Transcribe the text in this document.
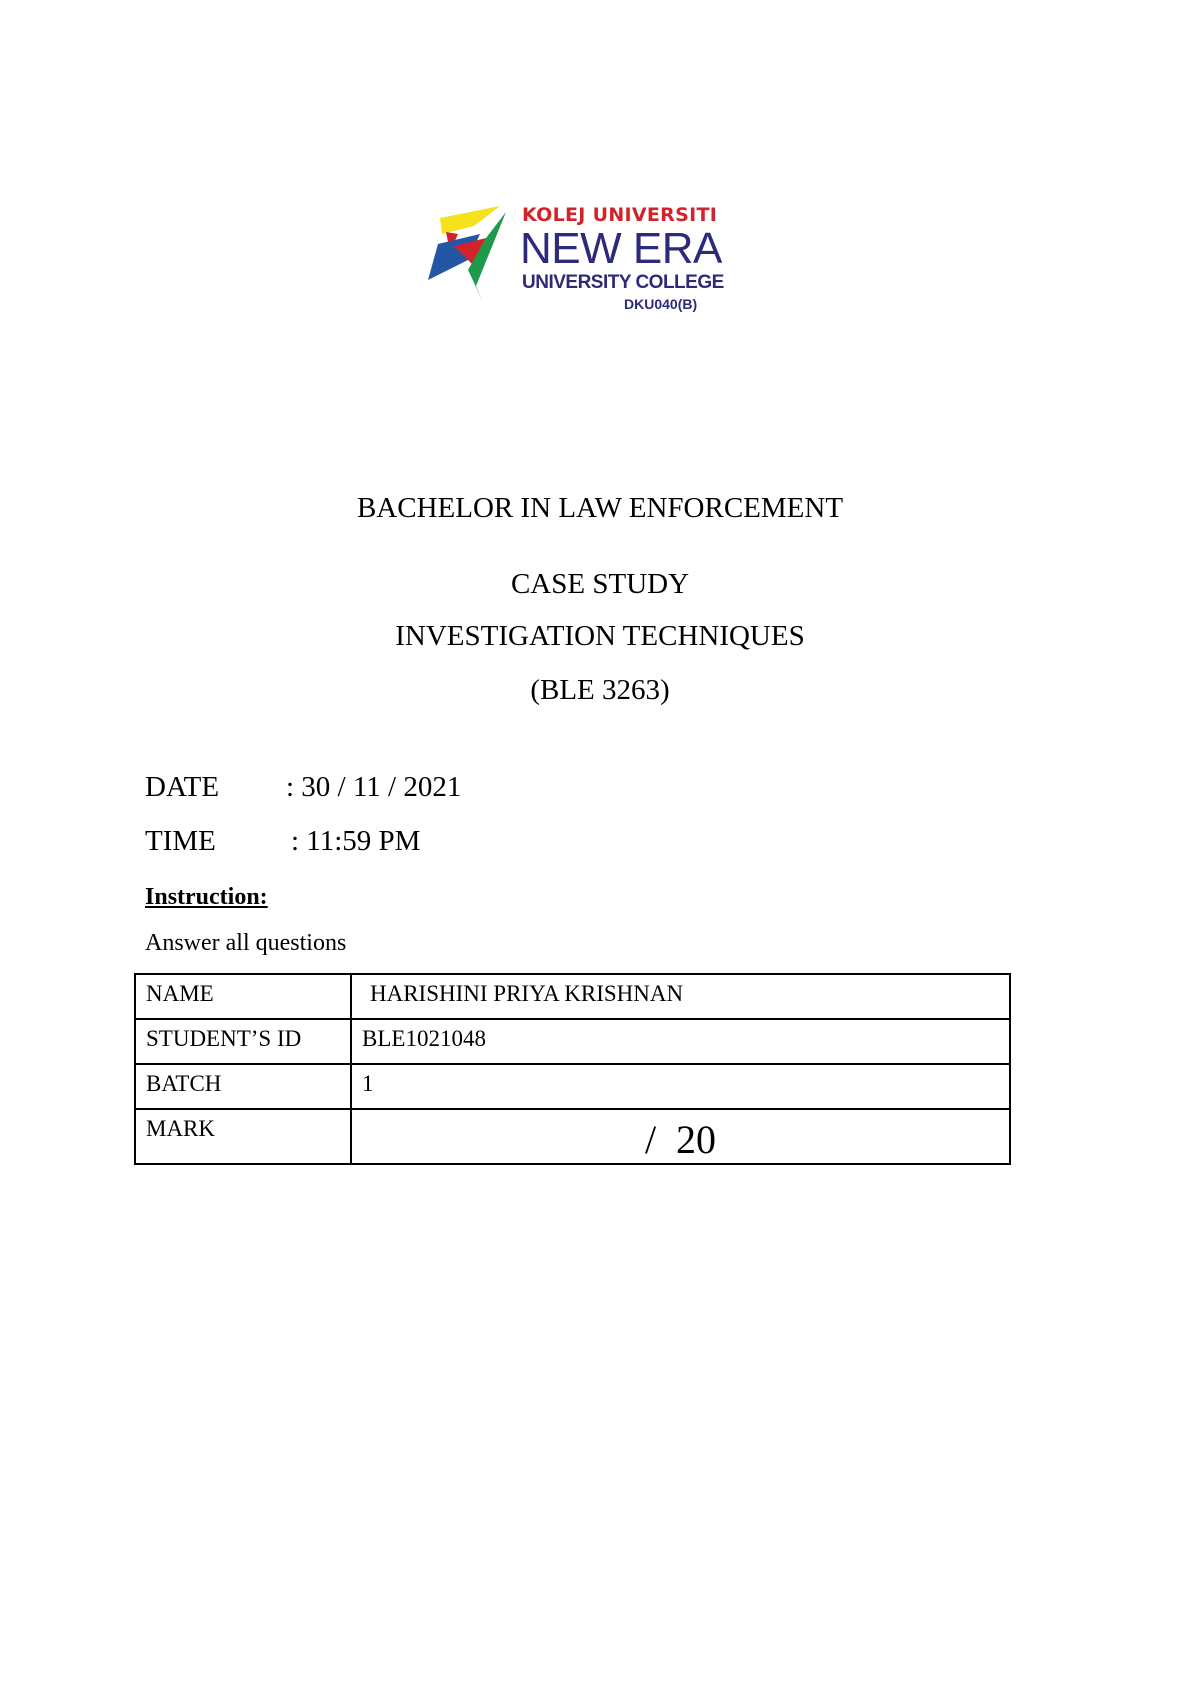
KOLEJ UNIVERSITI
NEW ERA
UNIVERSITY COLLEGE
DKU040(B)
BACHELOR IN LAW ENFORCEMENT
CASE STUDY
INVESTIGATION TECHNIQUES
(BLE 3263)
DATE : 30 / 11 / 2021
TIME	: 11:59 PM
Instruction:
Answer all questions
NAME	HARISHINI PRIYA KRISHNAN
STUDENT’S ID	BLE1021048
BATCH	1
MARK	/  20
